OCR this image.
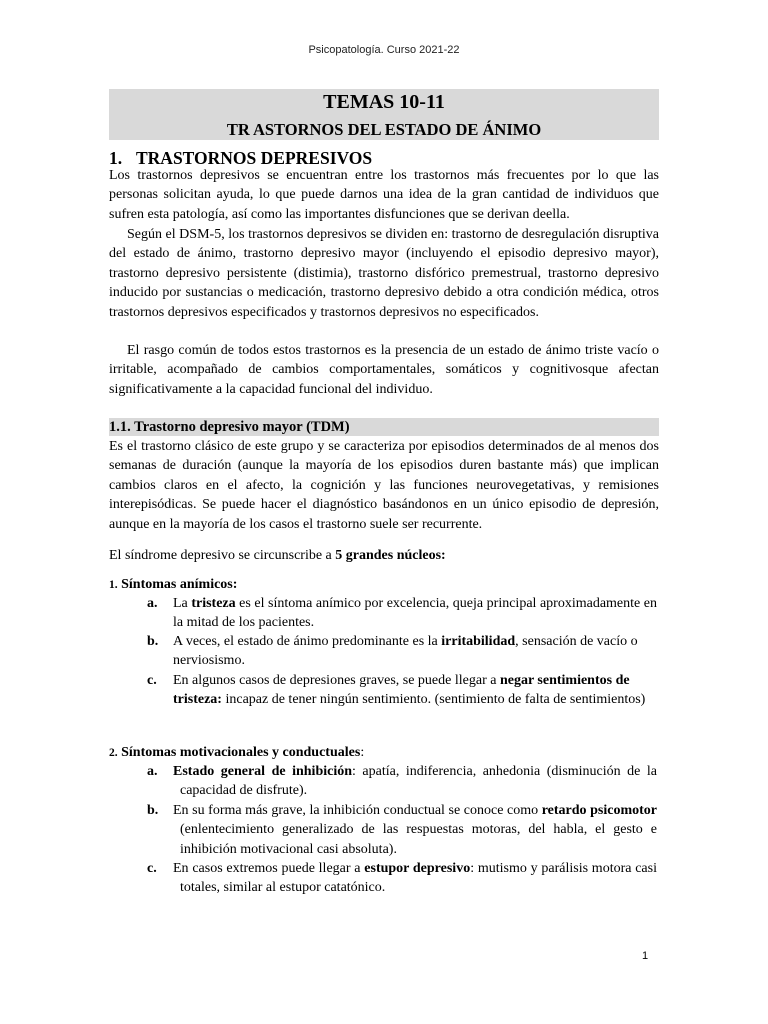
Psicopatología. Curso 2021-22
TEMAS 10-11
TR ASTORNOS DEL ESTADO DE ÁNIMO
1. TRASTORNOS DEPRESIVOS
Los trastornos depresivos se encuentran entre los trastornos más frecuentes por lo que las personas solicitan ayuda, lo que puede darnos una idea de la gran cantidad de individuos que sufren esta patología, así como las importantes disfunciones que se derivan deella.
Según el DSM-5, los trastornos depresivos se dividen en: trastorno de desregulación disruptiva del estado de ánimo, trastorno depresivo mayor (incluyendo el episodio depresivo mayor), trastorno depresivo persistente (distimia), trastorno disfórico premestrual, trastorno depresivo inducido por sustancias o medicación, trastorno depresivo debido a otra condición médica, otros trastornos depresivos especificados y trastornos depresivos no especificados.
El rasgo común de todos estos trastornos es la presencia de un estado de ánimo triste vacío o irritable, acompañado de cambios comportamentales, somáticos y cognitivosque afectan significativamente a la capacidad funcional del individuo.
1.1. Trastorno depresivo mayor (TDM)
Es el trastorno clásico de este grupo y se caracteriza por episodios determinados de al menos dos semanas de duración (aunque la mayoría de los episodios duren bastante más) que implican cambios claros en el afecto, la cognición y las funciones neurovegetativas, y remisiones interepisódicas. Se puede hacer el diagnóstico basándonos en un único episodio de depresión, aunque en la mayoría de los casos el trastorno suele ser recurrente.
El síndrome depresivo se circunscribe a 5 grandes núcleos:
1. Síntomas anímicos:
a. La tristeza es el síntoma anímico por excelencia, queja principal aproximadamente en la mitad de los pacientes.
b. A veces, el estado de ánimo predominante es la irritabilidad, sensación de vacío o nerviosismo.
c. En algunos casos de depresiones graves, se puede llegar a negar sentimientos de tristeza: incapaz de tener ningún sentimiento. (sentimiento de falta de sentimientos)
2. Síntomas motivacionales y conductuales:
a. Estado general de inhibición: apatía, indiferencia, anhedonia (disminución de la capacidad de disfrute).
b. En su forma más grave, la inhibición conductual se conoce como retardo psicomotor (enlentecimiento generalizado de las respuestas motoras, del habla, el gesto e inhibición motivacional casi absoluta).
c. En casos extremos puede llegar a estupor depresivo: mutismo y parálisis motora casi totales, similar al estupor catatónico.
1
